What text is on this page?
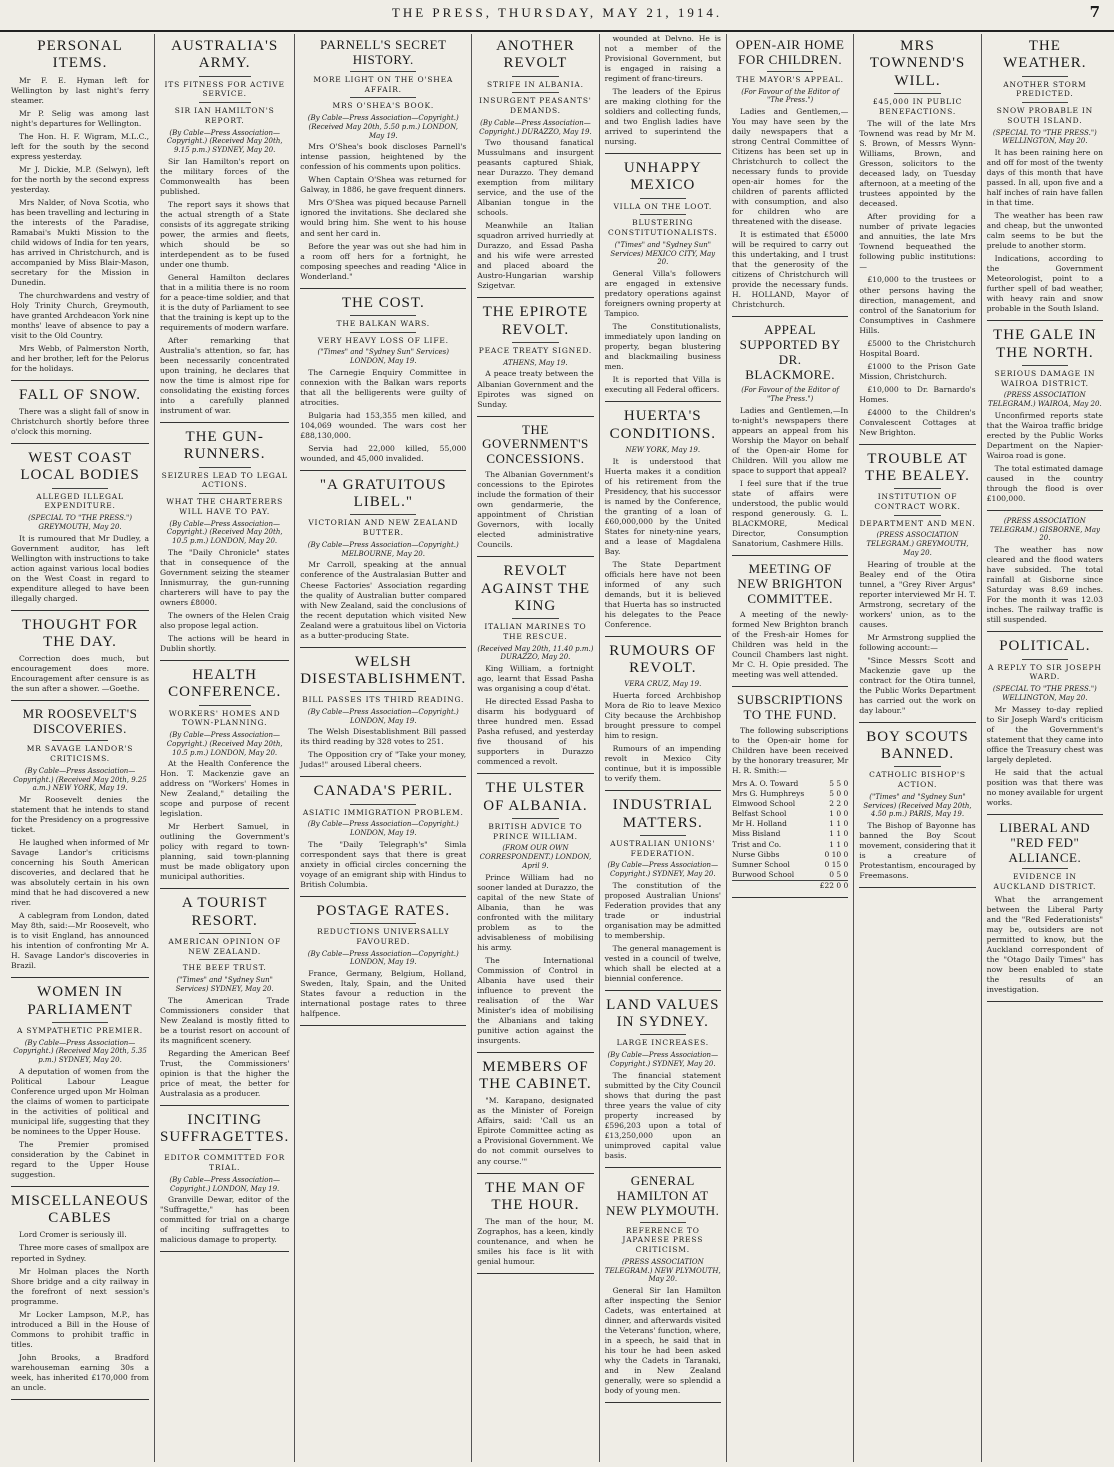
THE PRESS, THURSDAY, MAY 21, 1914.	7
PERSONAL ITEMS.

Mr F. E. Hyman left for Wellington by last night's ferry steamer.

Mr P. Selig was among last night's departures for Wellington.

The Hon. H. F. Wigram, M.L.C., left for the south by the second express yesterday.

Mr J. Dickie, M.P. (Selwyn), left for the north by the second express yesterday.

Mrs Nalder, of Nova Scotia, who has been travelling and lecturing in the interests of the Paradise, Ramabai's Mukti Mission to the child widows of India for ten years, has arrived in Christchurch, and is accompanied by Miss Blair-Mason, secretary for the Mission in Dunedin.

The churchwardens and vestry of Holy Trinity Church, Greymouth, have granted Archdeacon York nine months' leave of absence to pay a visit to the Old Country.

Mrs Webb, of Palmerston North, and her brother, left for the Pelorus for the holidays.

FALL OF SNOW.

There was a slight fall of snow in Christchurch shortly before three o'clock this morning.

WEST COAST LOCAL BODIES
ALLEGED ILLEGAL EXPENDITURE.
(SPECIAL TO "THE PRESS.") GREYMOUTH, May 20.

It is rumoured that Mr Dudley, a Government auditor, has left Wellington with instructions to take action against various local bodies on the West Coast in regard to expenditure alleged to have been illegally charged.

THOUGHT FOR THE DAY.

Correction does much, but encouragement does more. Encouragement after censure is as the sun after a shower. —Goethe.

MR ROOSEVELT'S DISCOVERIES.
MR SAVAGE LANDOR'S CRITICISMS.
(By Cable—Press Association—Copyright.) (Received May 20th, 9.25 a.m.) NEW YORK, May 19.

Mr Roosevelt denies the statement that he intends to stand for the Presidency on a progressive ticket.

He laughed when informed of Mr Savage Landor's criticisms concerning his South American discoveries, and declared that he was absolutely certain in his own mind that he had discovered a new river.

A cablegram from London, dated May 8th, said:—Mr Roosevelt, who is to visit England, has announced his intention of confronting Mr A. H. Savage Landor's discoveries in Brazil.

WOMEN IN PARLIAMENT
A SYMPATHETIC PREMIER.
(By Cable—Press Association—Copyright.) (Received May 20th, 5.35 p.m.) SYDNEY, May 20.

A deputation of women from the Political Labour League Conference urged upon Mr Holman the claims of women to participate in the activities of political and municipal life, suggesting that they be nominees to the Upper House.

The Premier promised consideration by the Cabinet in regard to the Upper House suggestion.

MISCELLANEOUS CABLES

Lord Cromer is seriously ill.

Three more cases of smallpox are reported in Sydney.

Mr Holman places the North Shore bridge and a city railway in the forefront of next session's programme.

Mr Locker Lampson, M.P., has introduced a Bill in the House of Commons to prohibit traffic in titles.

John Brooks, a Bradford warehouseman earning 30s a week, has inherited £170,000 from an uncle.

AUSTRALIA'S ARMY.
ITS FITNESS FOR ACTIVE SERVICE.
SIR IAN HAMILTON'S REPORT.
(By Cable—Press Association—Copyright.) (Received May 20th, 9.15 p.m.) SYDNEY, May 20.

Sir Ian Hamilton's report on the military forces of the Commonwealth has been published.

The report says it shows that the actual strength of a State consists of its aggregate striking power, the armies and fleets, which should be so interdependent as to be fused under one thumb.

General Hamilton declares that in a militia there is no room for a peace-time soldier, and that it is the duty of Parliament to see that the training is kept up to the requirements of modern warfare.

After remarking that Australia's attention, so far, has been necessarily concentrated upon training, he declares that now the time is almost ripe for consolidating the existing forces into a carefully planned instrument of war.

THE GUN-RUNNERS.
SEIZURES LEAD TO LEGAL ACTIONS.
WHAT THE CHARTERERS WILL HAVE TO PAY.
(By Cable—Press Association—Copyright.) (Received May 20th, 10.5 p.m.) LONDON, May 20.

The "Daily Chronicle" states that in consequence of the Government seizing the steamer Innismurray, the gun-running charterers will have to pay the owners £8000.

The owners of the Helen Craig also propose legal action.

The actions will be heard in Dublin shortly.

HEALTH CONFERENCE.
WORKERS' HOMES AND TOWN-PLANNING.
(By Cable—Press Association—Copyright.) (Received May 20th, 10.5 p.m.) LONDON, May 20.

At the Health Conference the Hon. T. Mackenzie gave an address on "Workers' Homes in New Zealand," detailing the scope and purpose of recent legislation.

Mr Herbert Samuel, in outlining the Government's policy with regard to town-planning, said town-planning must be made obligatory upon municipal authorities.

A TOURIST RESORT.
AMERICAN OPINION OF NEW ZEALAND.
THE BEEF TRUST.
("Times" and "Sydney Sun" Services) SYDNEY, May 20.

The American Trade Commissioners consider that New Zealand is mostly fitted to be a tourist resort on account of its magnificent scenery.

Regarding the American Beef Trust, the Commissioners' opinion is that the higher the price of meat, the better for Australasia as a producer.

INCITING SUFFRAGETTES.
EDITOR COMMITTED FOR TRIAL.
(By Cable—Press Association—Copyright.) LONDON, May 19.

Granville Dewar, editor of the "Suffragette," has been committed for trial on a charge of inciting suffragettes to malicious damage to property.

PARNELL'S SECRET HISTORY.
MORE LIGHT ON THE O'SHEA AFFAIR.
MRS O'SHEA'S BOOK.
(By Cable—Press Association—Copyright.) (Received May 20th, 5.50 p.m.) LONDON, May 19.

Mrs O'Shea's book discloses Parnell's intense passion, heightened by the confession of his comments upon politics.

When Captain O'Shea was returned for Galway, in 1886, he gave frequent dinners.

Mrs O'Shea was piqued because Parnell ignored the invitations. She declared she would bring him. She went to his house and sent her card in.

Before the year was out she had him in a room off hers for a fortnight, he composing speeches and reading "Alice in Wonderland."

THE COST.
THE BALKAN WARS.
VERY HEAVY LOSS OF LIFE.
("Times" and "Sydney Sun" Services) LONDON, May 19.

The Carnegie Enquiry Committee in connexion with the Balkan wars reports that all the belligerents were guilty of atrocities.

Bulgaria had 153,355 men killed, and 104,069 wounded. The wars cost her £88,130,000.

Servia had 22,000 killed, 55,000 wounded, and 45,000 invalided.

"A GRATUITOUS LIBEL."
VICTORIAN AND NEW ZEALAND BUTTER.
(By Cable—Press Association—Copyright.) MELBOURNE, May 20.

Mr Carroll, speaking at the annual conference of the Australasian Butter and Cheese Factories' Association regarding the quality of Australian butter compared with New Zealand, said the conclusions of the recent deputation which visited New Zealand were a gratuitous libel on Victoria as a butter-producing State.

WELSH DISESTABLISHMENT.
BILL PASSES ITS THIRD READING.
(By Cable—Press Association—Copyright.) LONDON, May 19.

The Welsh Disestablishment Bill passed its third reading by 328 votes to 251.

The Opposition cry of "Take your money, Judas!" aroused Liberal cheers.

CANADA'S PERIL.
ASIATIC IMMIGRATION PROBLEM.
(By Cable—Press Association—Copyright.) LONDON, May 19.

The "Daily Telegraph's" Simla correspondent says that there is great anxiety in official circles concerning the voyage of an emigrant ship with Hindus to British Columbia.

POSTAGE RATES.
REDUCTIONS UNIVERSALLY FAVOURED.
(By Cable—Press Association—Copyright.) LONDON, May 19.

France, Germany, Belgium, Holland, Sweden, Italy, Spain, and the United States favour a reduction in the international postage rates to three halfpence.

ANOTHER REVOLT
STRIFE IN ALBANIA.
INSURGENT PEASANTS' DEMANDS.
(By Cable—Press Association—Copyright.) DURAZZO, May 19.

Two thousand fanatical Mussulmans and insurgent peasants captured Shiak, near Durazzo. They demand exemption from military service, and the use of the Albanian tongue in the schools.

Meanwhile an Italian squadron arrived hurriedly at Durazzo, and Essad Pasha and his wife were arrested and placed aboard the Austro-Hungarian warship Szigetvar.

THE EPIROTE REVOLT.
PEACE TREATY SIGNED.
ATHENS, May 19.

A peace treaty between the Albanian Government and the Epirotes was signed on Sunday.

THE GOVERNMENT'S CONCESSIONS.

The Albanian Government's concessions to the Epirotes include the formation of their own gendarmerie, the appointment of Christian Governors, with locally elected administrative Councils.

REVOLT AGAINST THE KING
ITALIAN MARINES TO THE RESCUE.
(Received May 20th, 11.40 p.m.) DURAZZO, May 20.

King William, a fortnight ago, learnt that Essad Pasha was organising a coup d'état.

He directed Essad Pasha to disarm his bodyguard of three hundred men. Essad Pasha refused, and yesterday five thousand of his supporters in Durazzo commenced a revolt.

THE ULSTER OF ALBANIA.
BRITISH ADVICE TO PRINCE WILLIAM.
(FROM OUR OWN CORRESPONDENT.) LONDON, April 9.

Prince William had no sooner landed at Durazzo, the capital of the new State of Albania, than he was confronted with the military problem as to the advisableness of mobilising his army.

The International Commission of Control in Albania have used their influence to prevent the realisation of the War Minister's idea of mobilising the Albanians and taking punitive action against the insurgents.

MEMBERS OF THE CABINET.

"M. Karapano, designated as the Minister of Foreign Affairs, said: 'Call us an Epirote Committee acting as a Provisional Government. We do not commit ourselves to any course.'"

THE MAN OF THE HOUR.

The man of the hour, M. Zographos, has a keen, kindly countenance, and when he smiles his face is lit with genial humour.

wounded at Delvno. He is not a member of the Provisional Government, but is engaged in raising a regiment of franc-tireurs.

The leaders of the Epirus are making clothing for the soldiers and collecting funds, and two English ladies have arrived to superintend the nursing.

UNHAPPY MEXICO
VILLA ON THE LOOT.
BLUSTERING CONSTITUTIONALISTS.
("Times" and "Sydney Sun" Services) MEXICO CITY, May 20.

General Villa's followers are engaged in extensive predatory operations against foreigners owning property at Tampico.

The Constitutionalists, immediately upon landing on property, began blustering and blackmailing business men.

It is reported that Villa is executing all Federal officers.

HUERTA'S CONDITIONS.
NEW YORK, May 19.

It is understood that Huerta makes it a condition of his retirement from the Presidency, that his successor is named by the Conference, the granting of a loan of £60,000,000 by the United States for ninety-nine years, and a lease of Magdalena Bay.

The State Department officials here have not been informed of any such demands, but it is believed that Huerta has so instructed his delegates to the Peace Conference.

RUMOURS OF REVOLT.
VERA CRUZ, May 19.

Huerta forced Archbishop Mora de Rio to leave Mexico City because the Archbishop brought pressure to compel him to resign.

Rumours of an impending revolt in Mexico City continue, but it is impossible to verify them.

INDUSTRIAL MATTERS.
AUSTRALIAN UNIONS' FEDERATION.
(By Cable—Press Association—Copyright.) SYDNEY, May 20.

The constitution of the proposed Australian Unions' Federation provides that any trade or industrial organisation may be admitted to membership.

The general management is vested in a council of twelve, which shall be elected at a biennial conference.

LAND VALUES IN SYDNEY.
LARGE INCREASES.
(By Cable—Press Association—Copyright.) SYDNEY, May 20.

The financial statement submitted by the City Council shows that during the past three years the value of city property increased by £596,203 upon a total of £13,250,000 upon an unimproved capital value basis.

GENERAL HAMILTON AT NEW PLYMOUTH.
REFERENCE TO JAPANESE PRESS CRITICISM.
(PRESS ASSOCIATION TELEGRAM.) NEW PLYMOUTH, May 20.

General Sir Ian Hamilton after inspecting the Senior Cadets, was entertained at dinner, and afterwards visited the Veterans' function, where, in a speech, he said that in his tour he had been asked why the Cadets in Taranaki, and in New Zealand generally, were so splendid a body of young men.

OPEN-AIR HOME FOR CHILDREN.
THE MAYOR'S APPEAL.
(For Favour of the Editor of "The Press.")

Ladies and Gentlemen,—You may have seen by the daily newspapers that a strong Central Committee of Citizens has been set up in Christchurch to collect the necessary funds to provide open-air homes for the children of parents afflicted with consumption, and also for children who are threatened with the disease.

It is estimated that £5000 will be required to carry out this undertaking, and I trust that the generosity of the citizens of Christchurch will provide the necessary funds. H. HOLLAND, Mayor of Christchurch.

APPEAL SUPPORTED BY DR. BLACKMORE.
(For Favour of the Editor of "The Press.")

Ladies and Gentlemen,—In to-night's newspapers there appears an appeal from his Worship the Mayor on behalf of the Open-air Home for Children. Will you allow me space to support that appeal?

I feel sure that if the true state of affairs were understood, the public would respond generously. G. L. BLACKMORE, Medical Director, Consumption Sanatorium, Cashmere Hills.

MEETING OF NEW BRIGHTON COMMITTEE.

A meeting of the newly-formed New Brighton branch of the Fresh-air Homes for Children was held in the Council Chambers last night. Mr C. H. Opie presided. The meeting was well attended.

SUBSCRIPTIONS TO THE FUND.

The following subscriptions to the Open-air home for Children have been received by the honorary treasurer, Mr H. R. Smith:—

Mrs A. O. Toward	5 5 0
Mrs G. Humphreys	5 0 0
Elmwood School	2 2 0
Belfast School	1 0 0
Mr H. Holland	1 1 0
Miss Bisland	1 1 0
Trist and Co.	1 1 0
Nurse Gibbs	0 10 0
Sumner School	0 15 0
Burwood School	0 5 0
£22 0 0
MRS TOWNEND'S WILL.
£45,000 IN PUBLIC BENEFACTIONS.

The will of the late Mrs Townend was read by Mr M. S. Brown, of Messrs Wynn-Williams, Brown, and Gresson, solicitors to the deceased lady, on Tuesday afternoon, at a meeting of the trustees appointed by the deceased.

After providing for a number of private legacies and annuities, the late Mrs Townend bequeathed the following public institutions:—

£10,000 to the trustees or other persons having the direction, management, and control of the Sanatorium for Consumptives in Cashmere Hills.

£5000 to the Christchurch Hospital Board.

£1000 to the Prison Gate Mission, Christchurch.

£10,000 to Dr. Barnardo's Homes.

£4000 to the Children's Convalescent Cottages at New Brighton.

TROUBLE AT THE BEALEY.
INSTITUTION OF CONTRACT WORK.
DEPARTMENT AND MEN.
(PRESS ASSOCIATION TELEGRAM.) GREYMOUTH, May 20.

Hearing of trouble at the Bealey end of the Otira tunnel, a "Grey River Argus" reporter interviewed Mr H. T. Armstrong, secretary of the workers' union, as to the causes.

Mr Armstrong supplied the following account:—

"Since Messrs Scott and Mackenzie gave up the contract for the Otira tunnel, the Public Works Department has carried out the work on day labour."

BOY SCOUTS BANNED.
CATHOLIC BISHOP'S ACTION.
("Times" and "Sydney Sun" Services) (Received May 20th, 4.50 p.m.) PARIS, May 19.

The Bishop of Bayonne has banned the Boy Scout movement, considering that it is a creature of Protestantism, encouraged by Freemasons.

THE WEATHER.
ANOTHER STORM PREDICTED.
SNOW PROBABLE IN SOUTH ISLAND.
(SPECIAL TO "THE PRESS.") WELLINGTON, May 20.

It has been raining here on and off for most of the twenty days of this month that have passed. In all, upon five and a half inches of rain have fallen in that time.

The weather has been raw and cheap, but the unwonted calm seems to be but the prelude to another storm.

Indications, according to the Government Meteorologist, point to a further spell of bad weather, with heavy rain and snow probable in the South Island.

THE GALE IN THE NORTH.
SERIOUS DAMAGE IN WAIROA DISTRICT.
(PRESS ASSOCIATION TELEGRAM.) WAIROA, May 20.

Unconfirmed reports state that the Wairoa traffic bridge erected by the Public Works Department on the Napier-Wairoa road is gone.

The total estimated damage caused in the country through the flood is over £100,000.

(PRESS ASSOCIATION TELEGRAM.) GISBORNE, May 20.

The weather has now cleared and the flood waters have subsided. The total rainfall at Gisborne since Saturday was 8.69 inches. For the month it was 12.03 inches. The railway traffic is still suspended.

POLITICAL.
A REPLY TO SIR JOSEPH WARD.
(SPECIAL TO "THE PRESS.") WELLINGTON, May 20.

Mr Massey to-day replied to Sir Joseph Ward's criticism of the Government's statement that they came into office the Treasury chest was largely depleted.

He said that the actual position was that there was no money available for urgent works.

LIBERAL AND "RED FED" ALLIANCE.
EVIDENCE IN AUCKLAND DISTRICT.

What the arrangement between the Liberal Party and the "Red Federationists" may be, outsiders are not permitted to know, but the Auckland correspondent of the "Otago Daily Times" has now been enabled to state the results of an investigation.
